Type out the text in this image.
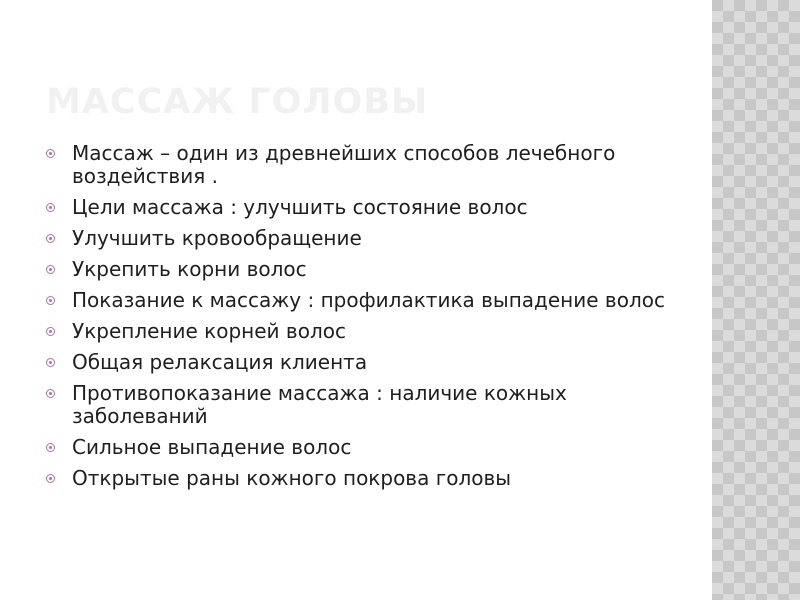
МАССАЖ ГОЛОВЫ
Массаж – один из древнейших способов лечебного воздействия .
Цели массажа : улучшить состояние волос
Улучшить кровообращение
Укрепить корни волос
Показание к массажу : профилактика выпадение волос
Укрепление корней волос
Общая релаксация клиента
Противопоказание массажа : наличие кожных заболеваний
Сильное выпадение волос
Открытые раны кожного покрова головы
